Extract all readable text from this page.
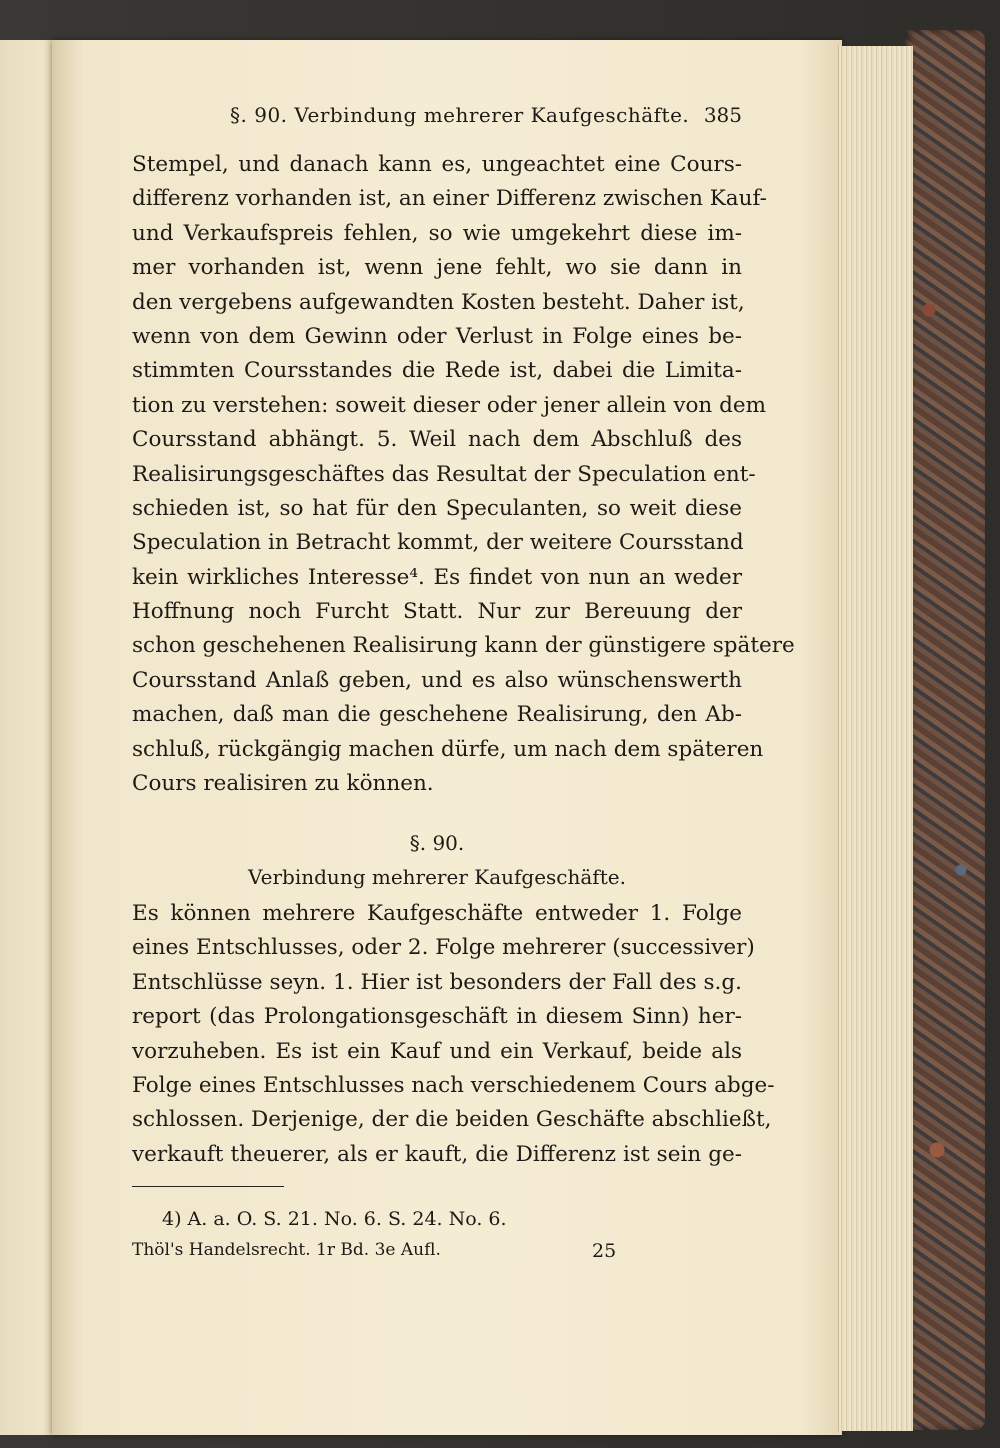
§. 90. Verbindung mehrerer Kaufgeschäfte. 385
Stempel, und danach kann es, ungeachtet eine Cours-
differenz vorhanden ist, an einer Differenz zwischen Kauf-
und Verkaufspreis fehlen, so wie umgekehrt diese im-
mer vorhanden ist, wenn jene fehlt, wo sie dann in
den vergebens aufgewandten Kosten besteht. Daher ist,
wenn von dem Gewinn oder Verlust in Folge eines be-
stimmten Coursstandes die Rede ist, dabei die Limita-
tion zu verstehen: soweit dieser oder jener allein von dem
Coursstand abhängt. 5. Weil nach dem Abschluß des
Realisirungsgeschäftes das Resultat der Speculation ent-
schieden ist, so hat für den Speculanten, so weit diese
Speculation in Betracht kommt, der weitere Coursstand
kein wirkliches Interesse⁴. Es findet von nun an weder
Hoffnung noch Furcht Statt. Nur zur Bereuung der
schon geschehenen Realisirung kann der günstigere spätere
Coursstand Anlaß geben, und es also wünschenswerth
machen, daß man die geschehene Realisirung, den Ab-
schluß, rückgängig machen dürfe, um nach dem späteren
Cours realisiren zu können.
§. 90.
Verbindung mehrerer Kaufgeschäfte.
Es können mehrere Kaufgeschäfte entweder 1. Folge
eines Entschlusses, oder 2. Folge mehrerer (successiver)
Entschlüsse seyn. 1. Hier ist besonders der Fall des s.g.
report (das Prolongationsgeschäft in diesem Sinn) her-
vorzuheben. Es ist ein Kauf und ein Verkauf, beide als
Folge eines Entschlusses nach verschiedenem Cours abge-
schlossen. Derjenige, der die beiden Geschäfte abschließt,
verkauft theuerer, als er kauft, die Differenz ist sein ge-
4) A. a. O. S. 21. No. 6. S. 24. No. 6.
Thöl's Handelsrecht. 1r Bd. 3e Aufl.	25
